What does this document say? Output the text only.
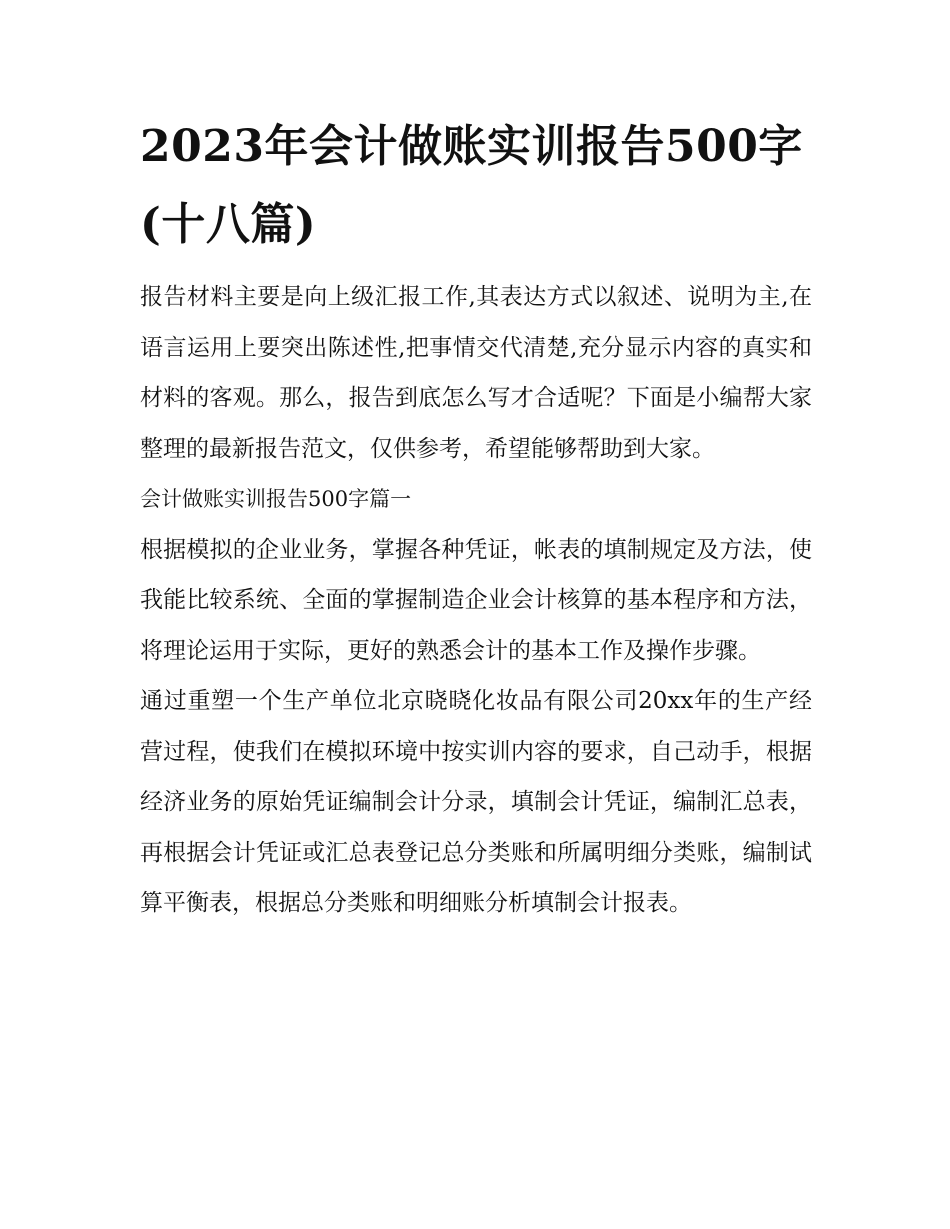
2023年会计做账实训报告500字(十八篇)

报告材料主要是向上级汇报工作,其表达方式以叙述、说明为主,在语言运用上要突出陈述性,把事情交代清楚,充分显示内容的真实和材料的客观。那么，报告到底怎么写才合适呢？下面是小编帮大家整理的最新报告范文，仅供参考，希望能够帮助到大家。

会计做账实训报告500字篇一

根据模拟的企业业务，掌握各种凭证，帐表的填制规定及方法，使我能比较系统、全面的掌握制造企业会计核算的基本程序和方法，将理论运用于实际，更好的熟悉会计的基本工作及操作步骤。

通过重塑一个生产单位北京晓晓化妆品有限公司20xx年的生产经营过程，使我们在模拟环境中按实训内容的要求，自己动手，根据经济业务的原始凭证编制会计分录，填制会计凭证，编制汇总表，再根据会计凭证或汇总表登记总分类账和所属明细分类账，编制试算平衡表，根据总分类账和明细账分析填制会计报表。
